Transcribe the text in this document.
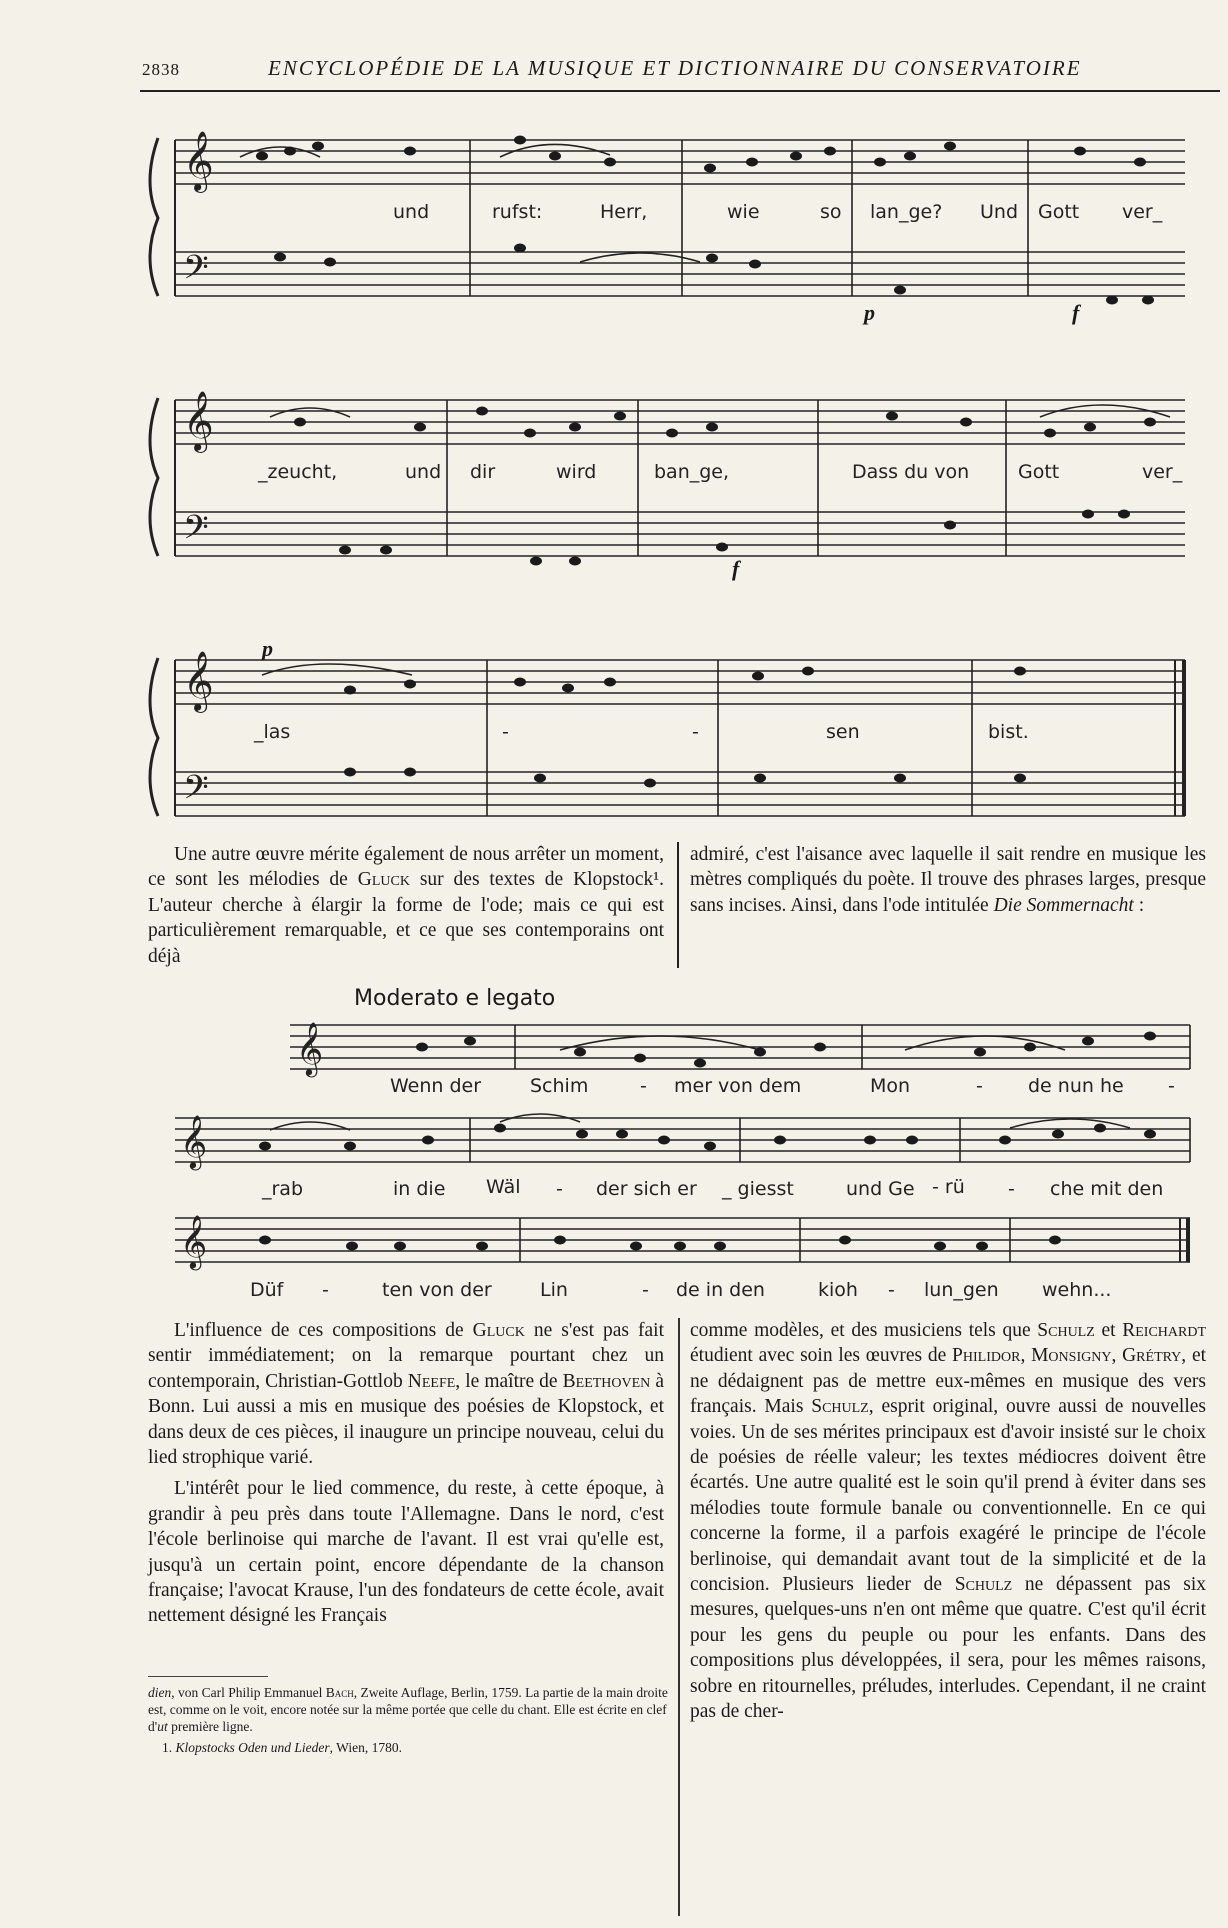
2838	ENCYCLOPÉDIE DE LA MUSIQUE ET DICTIONNAIRE DU CONSERVATOIRE
𝄞
𝄢
𝄞
𝄢
𝄞
𝄢
𝄞
𝄞
𝄞
und	rufst:	Herr,	wie	so lan_ge? Und Gott ver_
p	f
_zeucht,	und dir	wird	ban_ge,	Dass du von	Gott	ver_
f
p
_las	-	-	sen	bist.

Une autre œuvre mérite également de nous arrêter un moment, ce sont les mélodies de Gluck sur des textes de Klopstock¹. L'auteur cherche à élargir la forme de l'ode; mais ce qui est particulièrement remarquable, et ce que ses contemporains ont déjà

admiré, c'est l'aisance avec laquelle il sait rendre en musique les mètres compliqués du poète. Il trouve des phrases larges, presque sans incises. Ainsi, dans l'ode intitulée Die Sommernacht :

Moderato e legato
Wenn der	Schim	- mer von dem	Mon	- de nun he -
_rab	in die Wäl - der sich er _ giesst	und Ge - rü - che mit den
Düf -	ten von der	Lin	- de in den	kioh - lun_gen wehn...

L'influence de ces compositions de Gluck ne s'est pas fait sentir immédiatement; on la remarque pourtant chez un contemporain, Christian-Gottlob Neefe, le maître de Beethoven à Bonn. Lui aussi a mis en musique des poésies de Klopstock, et dans deux de ces pièces, il inaugure un principe nouveau, celui du lied strophique varié.

L'intérêt pour le lied commence, du reste, à cette époque, à grandir à peu près dans toute l'Allemagne. Dans le nord, c'est l'école berlinoise qui marche de l'avant. Il est vrai qu'elle est, jusqu'à un certain point, encore dépendante de la chanson française; l'avocat Krause, l'un des fondateurs de cette école, avait nettement désigné les Français

comme modèles, et des musiciens tels que Schulz et Reichardt étudient avec soin les œuvres de Philidor, Monsigny, Grétry, et ne dédaignent pas de mettre eux-mêmes en musique des vers français. Mais Schulz, esprit original, ouvre aussi de nouvelles voies. Un de ses mérites principaux est d'avoir insisté sur le choix de poésies de réelle valeur; les textes médiocres doivent être écartés. Une autre qualité est le soin qu'il prend à éviter dans ses mélodies toute formule banale ou conventionnelle. En ce qui concerne la forme, il a parfois exagéré le principe de l'école berlinoise, qui demandait avant tout de la simplicité et de la concision. Plusieurs lieder de Schulz ne dépassent pas six mesures, quelques-uns n'en ont même que quatre. C'est qu'il écrit pour les gens du peuple ou pour les enfants. Dans des compositions plus développées, il sera, pour les mêmes raisons, sobre en ritournelles, préludes, interludes. Cependant, il ne craint pas de cher-

dien, von Carl Philip Emmanuel Bach, Zweite Auflage, Berlin, 1759. La partie de la main droite est, comme on le voit, encore notée sur la même portée que celle du chant. Elle est écrite en clef d'ut première ligne.

1. Klopstocks Oden und Lieder, Wien, 1780.
